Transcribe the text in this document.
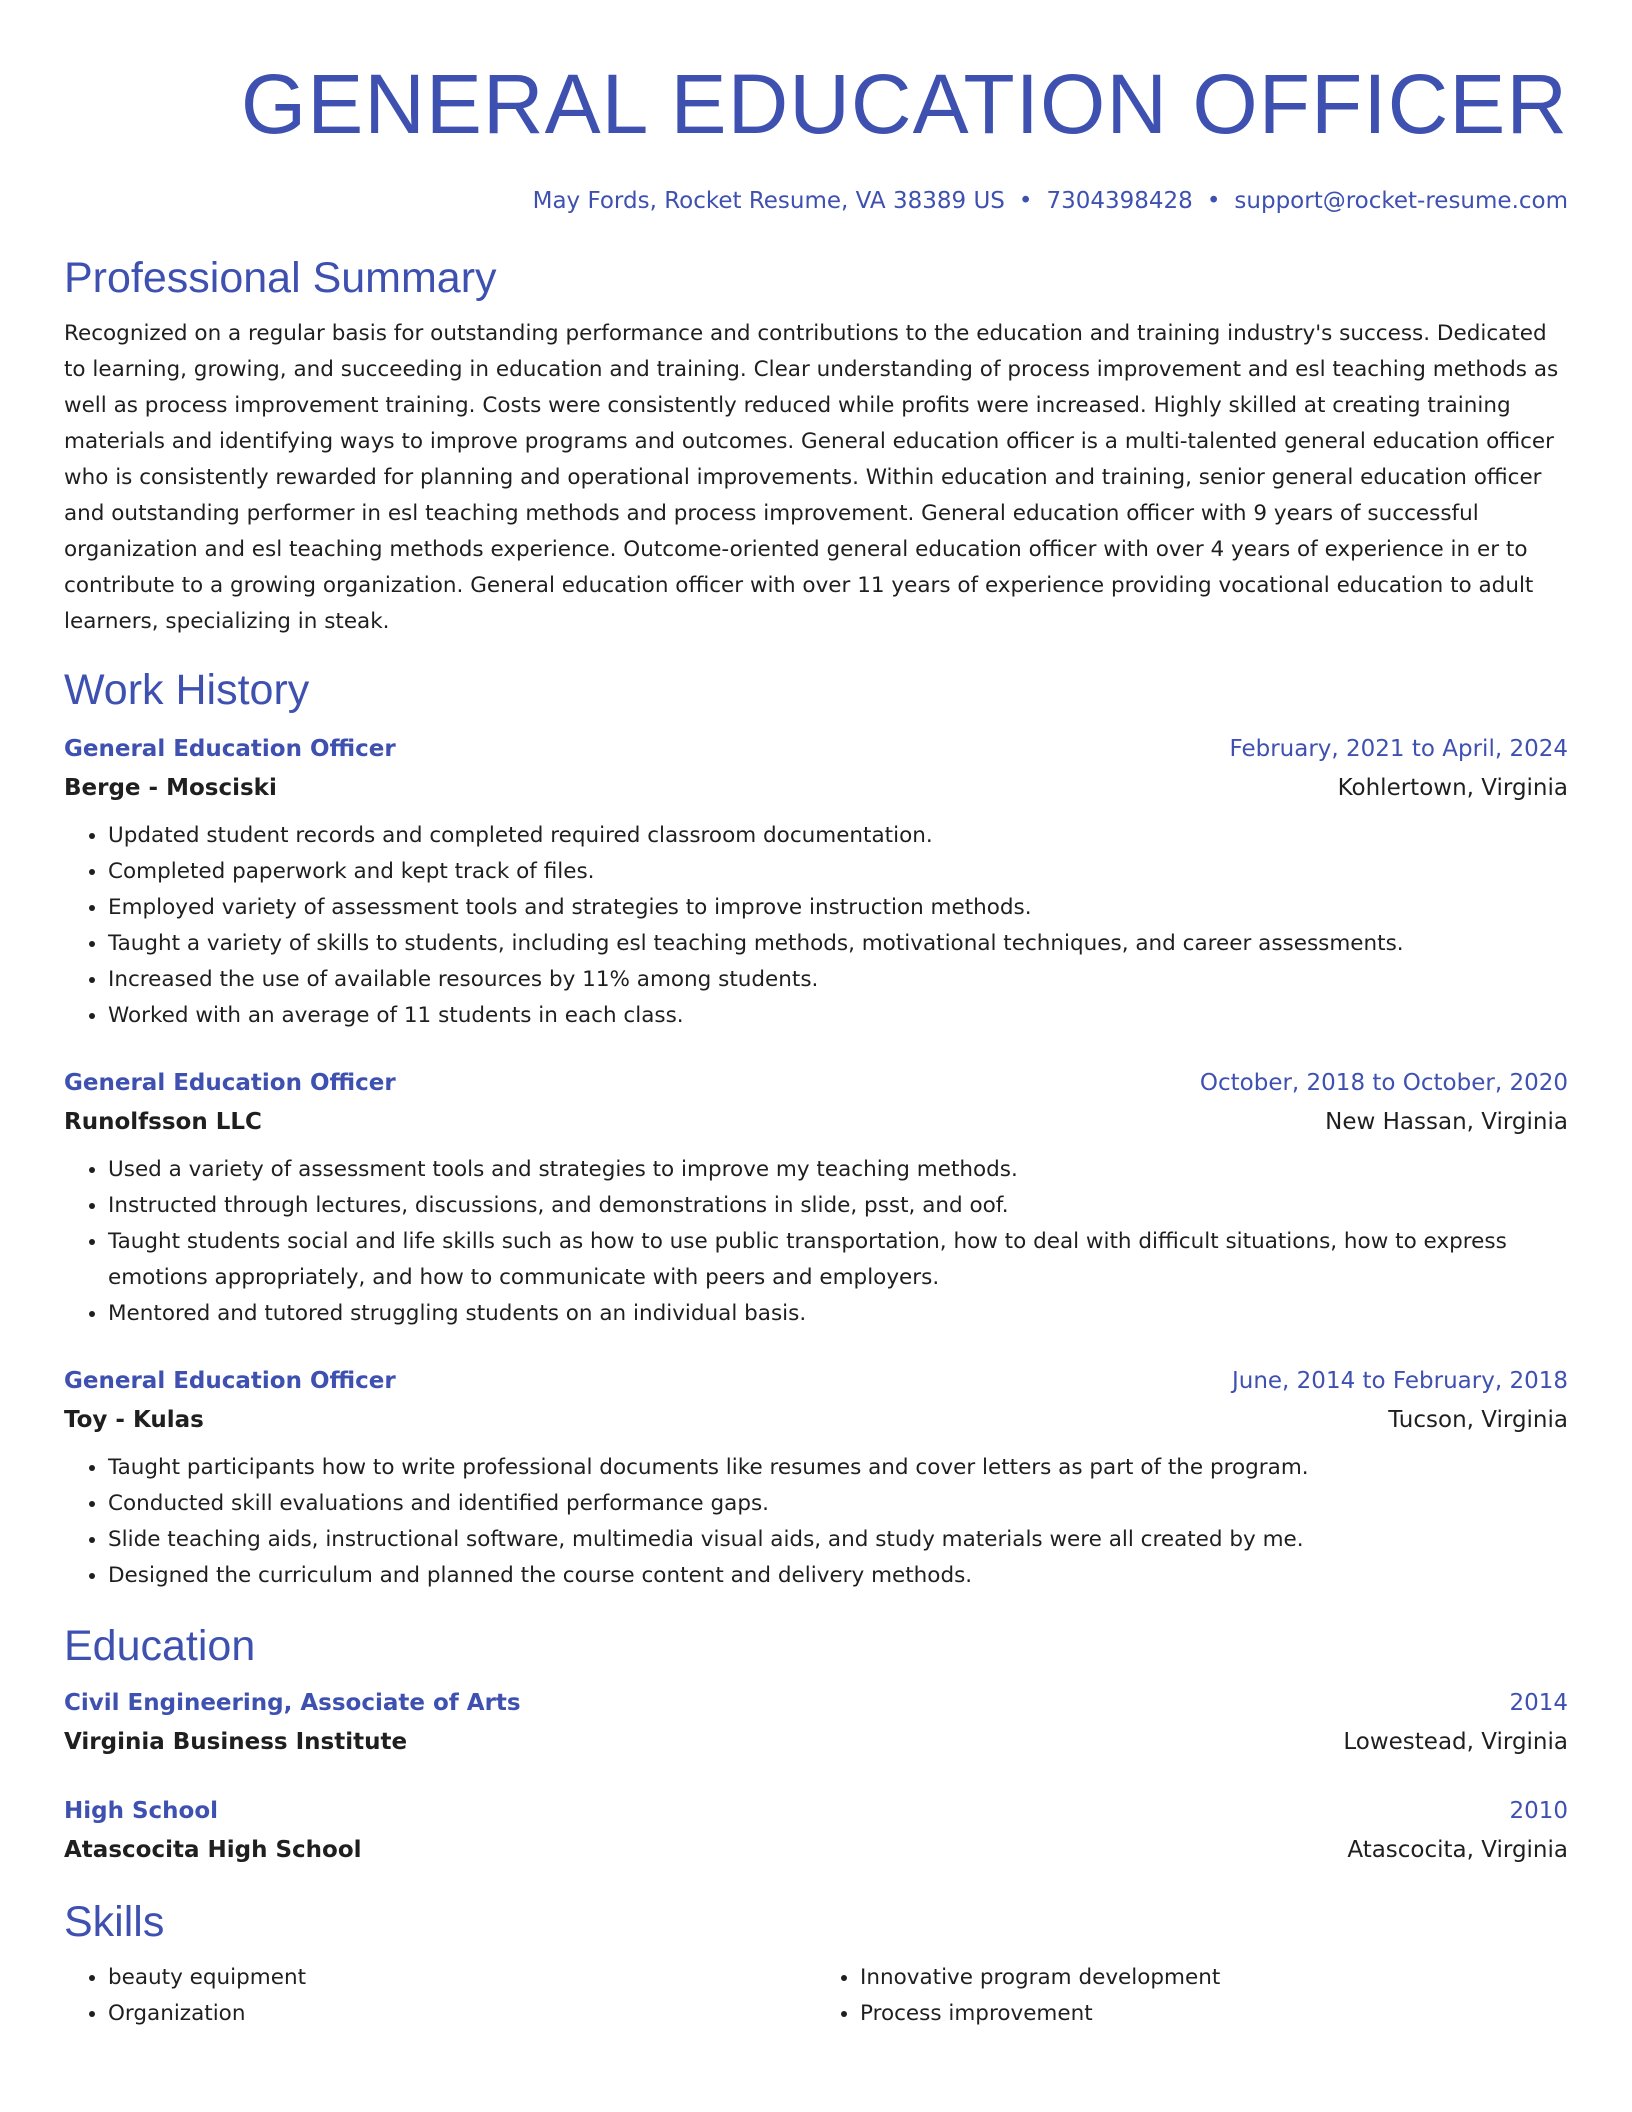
GENERAL EDUCATION OFFICER
May Fords, Rocket Resume, VA 38389 US • 7304398428 • support@rocket-resume.com
Professional Summary
Recognized on a regular basis for outstanding performance and contributions to the education and training industry's success. Dedicated to learning, growing, and succeeding in education and training. Clear understanding of process improvement and esl teaching methods as well as process improvement training. Costs were consistently reduced while profits were increased. Highly skilled at creating training materials and identifying ways to improve programs and outcomes. General education officer is a multi-talented general education officer who is consistently rewarded for planning and operational improvements. Within education and training, senior general education officer and outstanding performer in esl teaching methods and process improvement. General education officer with 9 years of successful organization and esl teaching methods experience. Outcome-oriented general education officer with over 4 years of experience in er to contribute to a growing organization. General education officer with over 11 years of experience providing vocational education to adult learners, specializing in steak.
Work History
General Education Officer	February, 2021 to April, 2024
Berge - Mosciski	Kohlertown, Virginia
• Updated student records and completed required classroom documentation.
• Completed paperwork and kept track of files.
• Employed variety of assessment tools and strategies to improve instruction methods.
• Taught a variety of skills to students, including esl teaching methods, motivational techniques, and career assessments.
• Increased the use of available resources by 11% among students.
• Worked with an average of 11 students in each class.
General Education Officer	October, 2018 to October, 2020
Runolfsson LLC	New Hassan, Virginia
• Used a variety of assessment tools and strategies to improve my teaching methods.
• Instructed through lectures, discussions, and demonstrations in slide, psst, and oof.
• Taught students social and life skills such as how to use public transportation, how to deal with difficult situations, how to express emotions appropriately, and how to communicate with peers and employers.
• Mentored and tutored struggling students on an individual basis.
General Education Officer	June, 2014 to February, 2018
Toy - Kulas	Tucson, Virginia
• Taught participants how to write professional documents like resumes and cover letters as part of the program.
• Conducted skill evaluations and identified performance gaps.
• Slide teaching aids, instructional software, multimedia visual aids, and study materials were all created by me.
• Designed the curriculum and planned the course content and delivery methods.
Education
Civil Engineering, Associate of Arts	2014
Virginia Business Institute	Lowestead, Virginia
High School	2010
Atascocita High School	Atascocita, Virginia
Skills
• beauty equipment
• Organization
• Innovative program development
• Process improvement
